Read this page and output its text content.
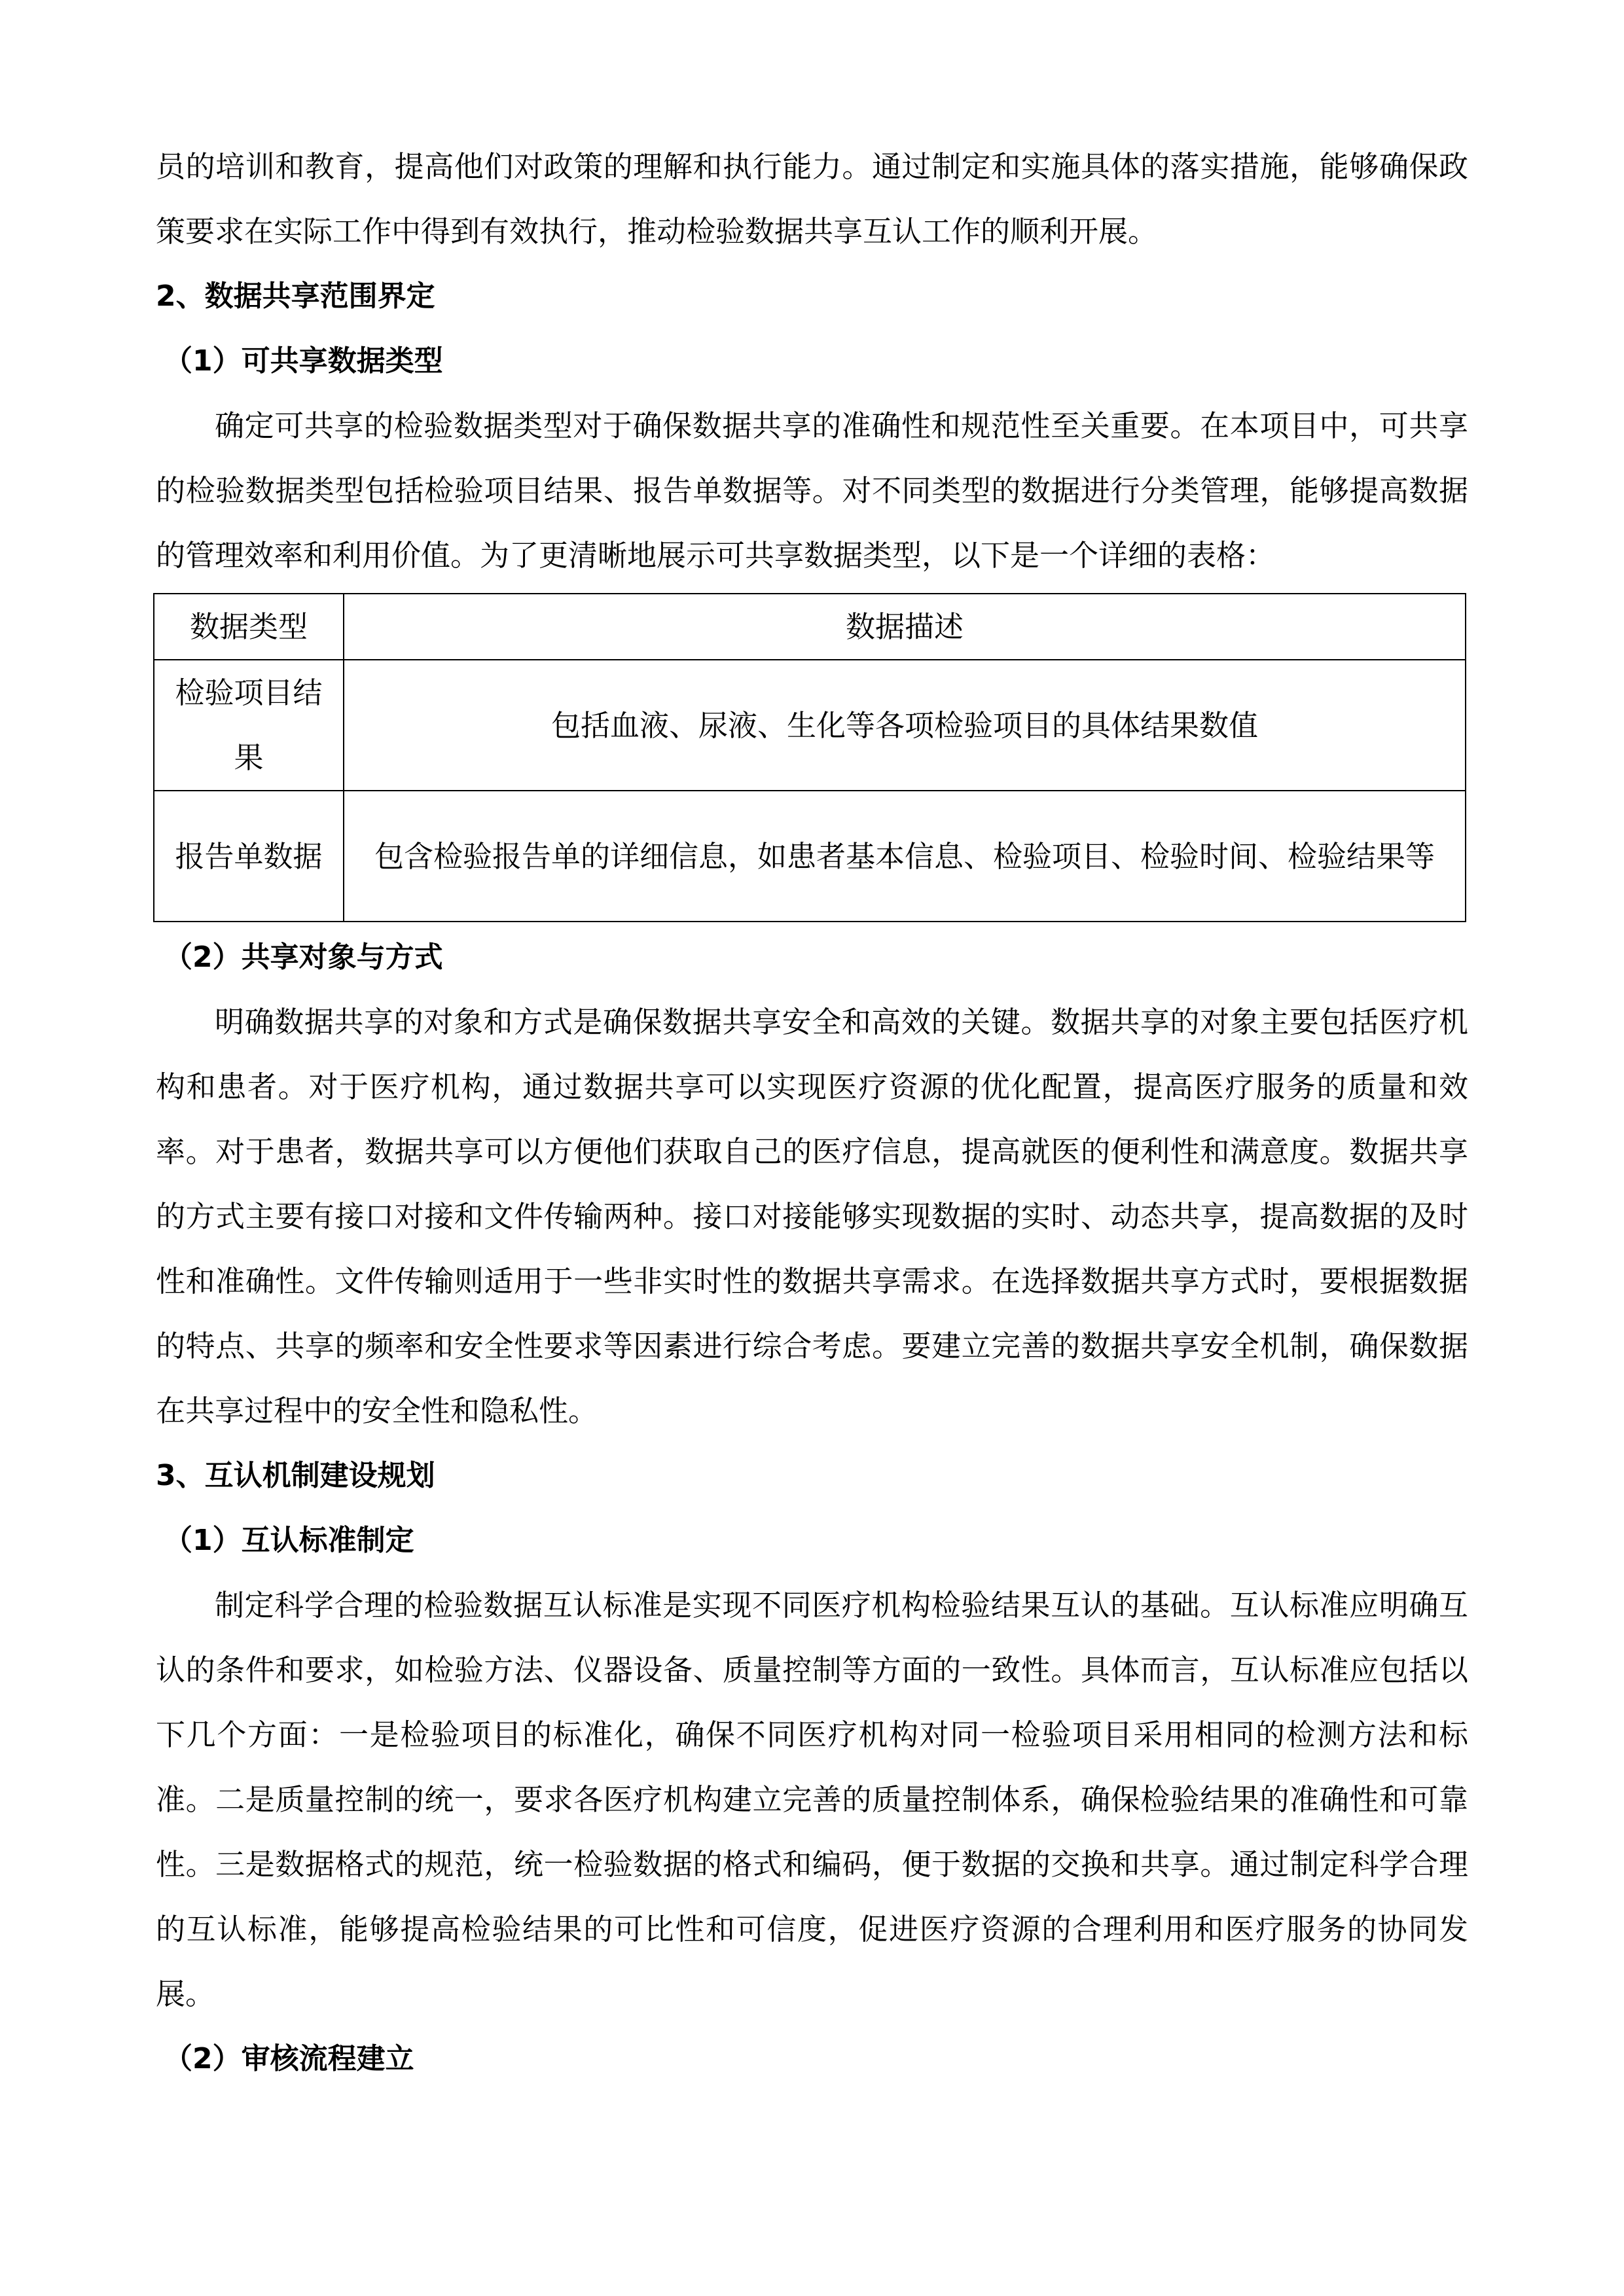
员的培训和教育，提高他们对政策的理解和执行能力。通过制定和实施具体的落实措施，能够确保政策要求在实际工作中得到有效执行，推动检验数据共享互认工作的顺利开展。

2、数据共享范围界定
（1）可共享数据类型

确定可共享的检验数据类型对于确保数据共享的准确性和规范性至关重要。在本项目中，可共享的检验数据类型包括检验项目结果、报告单数据等。对不同类型的数据进行分类管理，能够提高数据的管理效率和利用价值。为了更清晰地展示可共享数据类型，以下是一个详细的表格：

数据类型	数据描述
检验项目结果	包括血液、尿液、生化等各项检验项目的具体结果数值
报告单数据	包含检验报告单的详细信息，如患者基本信息、检验项目、检验时间、检验结果等
（2）共享对象与方式

明确数据共享的对象和方式是确保数据共享安全和高效的关键。数据共享的对象主要包括医疗机构和患者。对于医疗机构，通过数据共享可以实现医疗资源的优化配置，提高医疗服务的质量和效率。对于患者，数据共享可以方便他们获取自己的医疗信息，提高就医的便利性和满意度。数据共享的方式主要有接口对接和文件传输两种。接口对接能够实现数据的实时、动态共享，提高数据的及时性和准确性。文件传输则适用于一些非实时性的数据共享需求。在选择数据共享方式时，要根据数据的特点、共享的频率和安全性要求等因素进行综合考虑。要建立完善的数据共享安全机制，确保数据在共享过程中的安全性和隐私性。

3、互认机制建设规划
（1）互认标准制定

制定科学合理的检验数据互认标准是实现不同医疗机构检验结果互认的基础。互认标准应明确互认的条件和要求，如检验方法、仪器设备、质量控制等方面的一致性。具体而言，互认标准应包括以下几个方面：一是检验项目的标准化，确保不同医疗机构对同一检验项目采用相同的检测方法和标准。二是质量控制的统一，要求各医疗机构建立完善的质量控制体系，确保检验结果的准确性和可靠性。三是数据格式的规范，统一检验数据的格式和编码，便于数据的交换和共享。通过制定科学合理的互认标准，能够提高检验结果的可比性和可信度，促进医疗资源的合理利用和医疗服务的协同发展。

（2）审核流程建立
